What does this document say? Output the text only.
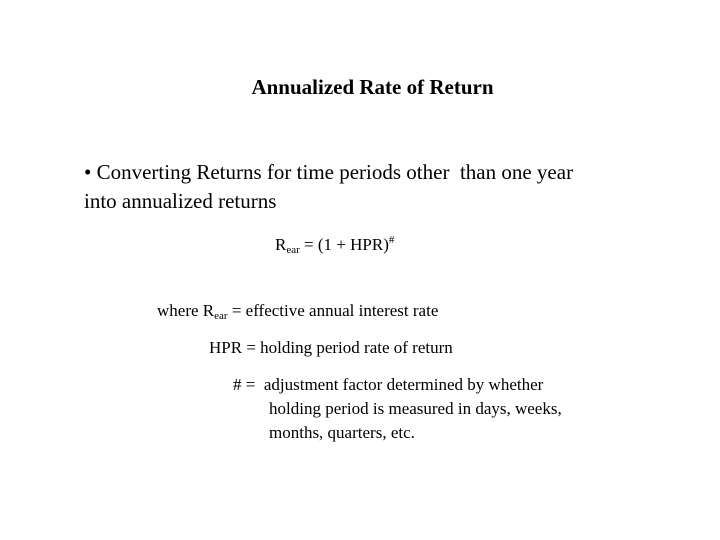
Annualized Rate of Return
• Converting Returns for time periods other  than one year
into annualized returns
$R_{ear} = (1 + HPR)^{\#}$
where $R_{ear}$ = effective annual interest rate
HPR = holding period rate of return
# =  adjustment factor determined by whether
holding period is measured in days, weeks,
months, quarters, etc.
